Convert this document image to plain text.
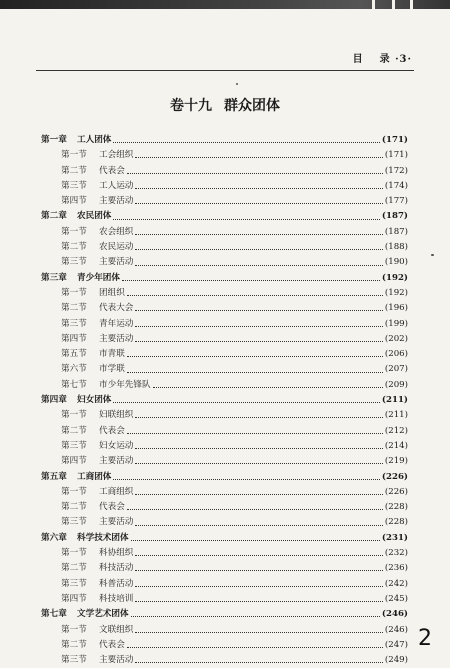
目 录 ·3·
卷十九 群众团体
第一章	工人团体	(171)
第一节	工会组织	(171)
第二节	代表会	(172)
第三节	工人运动	(174)
第四节	主要活动	(177)
第二章	农民团体	(187)
第一节	农会组织	(187)
第二节	农民运动	(188)
第三节	主要活动	(190)
第三章	青少年团体	(192)
第一节	团组织	(192)
第二节	代表大会	(196)
第三节	青年运动	(199)
第四节	主要活动	(202)
第五节	市青联	(206)
第六节	市学联	(207)
第七节	市少年先锋队	(209)
第四章	妇女团体	(211)
第一节	妇联组织	(211)
第二节	代表会	(212)
第三节	妇女运动	(214)
第四节	主要活动	(219)
第五章	工商团体	(226)
第一节	工商组织	(226)
第二节	代表会	(228)
第三节	主要活动	(228)
第六章	科学技术团体	(231)
第一节	科协组织	(232)
第二节	科技活动	(236)
第三节	科普活动	(242)
第四节	科技培训	(245)
第七章	文学艺术团体	(246)
第一节	文联组织	(246)
第二节	代表会	(247)
第三节	主要活动	(249)
2
